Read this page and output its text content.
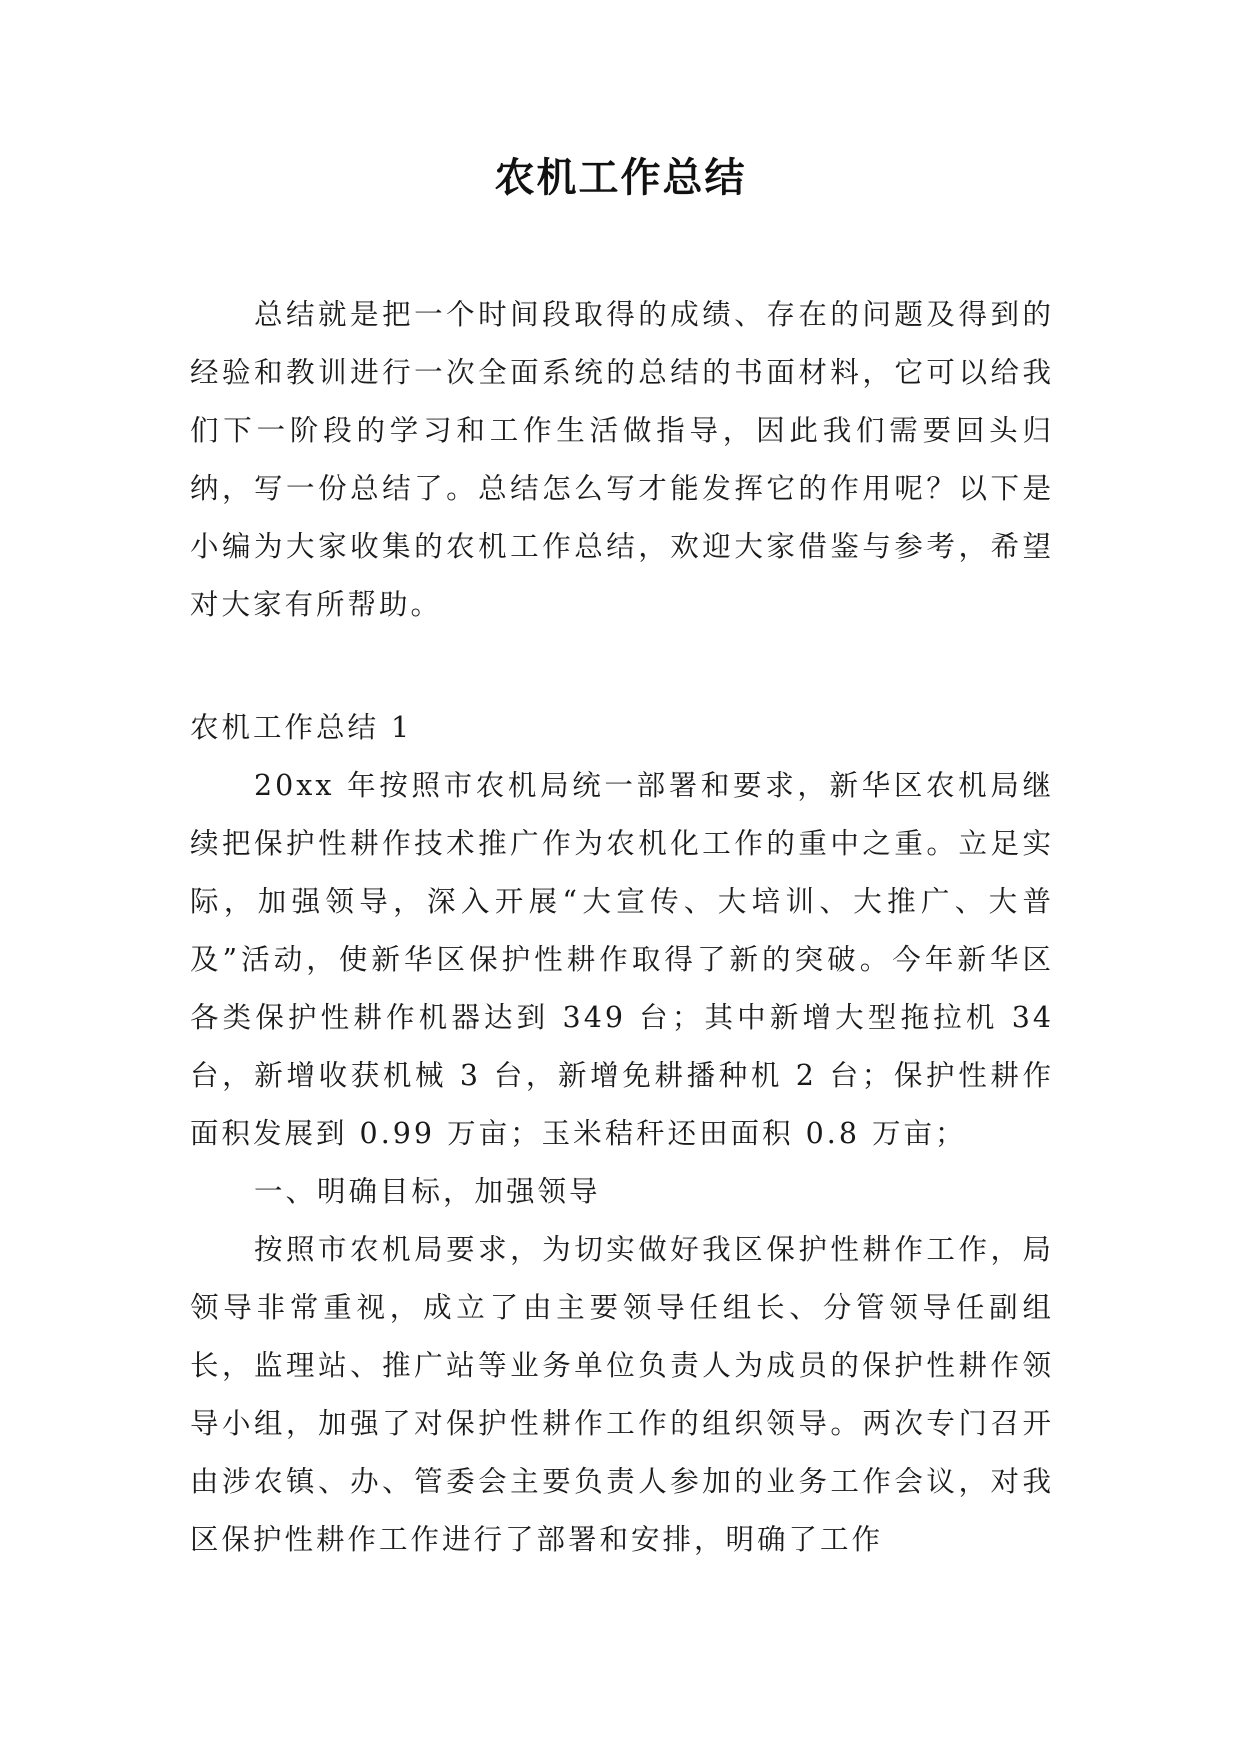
农机工作总结

总结就是把一个时间段取得的成绩、存在的问题及得到的经验和教训进行一次全面系统的总结的书面材料，它可以给我们下一阶段的学习和工作生活做指导，因此我们需要回头归纳，写一份总结了。总结怎么写才能发挥它的作用呢？以下是小编为大家收集的农机工作总结，欢迎大家借鉴与参考，希望对大家有所帮助。

农机工作总结 1

20xx 年按照市农机局统一部署和要求，新华区农机局继续把保护性耕作技术推广作为农机化工作的重中之重。立足实际，加强领导，深入开展“大宣传、大培训、大推广、大普及”活动，使新华区保护性耕作取得了新的突破。今年新华区各类保护性耕作机器达到 349 台；其中新增大型拖拉机 34 台，新增收获机械 3 台，新增免耕播种机 2 台；保护性耕作面积发展到 0.99 万亩；玉米秸秆还田面积 0.8 万亩；

一、明确目标，加强领导

按照市农机局要求，为切实做好我区保护性耕作工作，局领导非常重视，成立了由主要领导任组长、分管领导任副组长，监理站、推广站等业务单位负责人为成员的保护性耕作领导小组，加强了对保护性耕作工作的组织领导。两次专门召开由涉农镇、办、管委会主要负责人参加的业务工作会议，对我区保护性耕作工作进行了部署和安排，明确了工作
